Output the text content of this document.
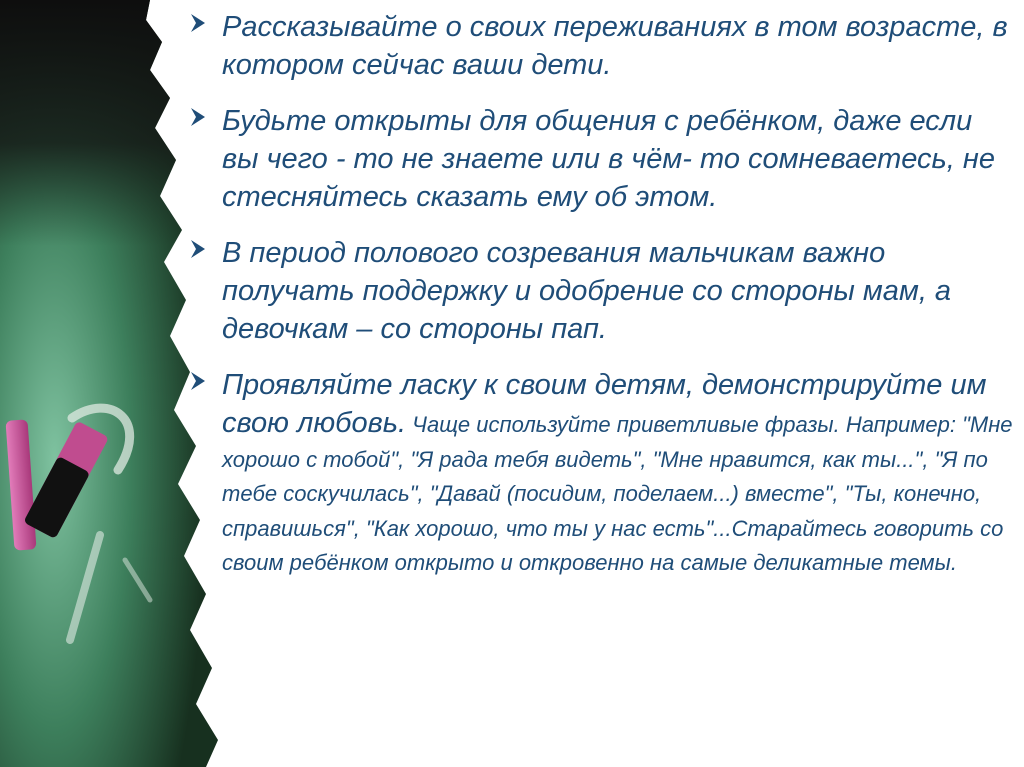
Рассказывайте о своих переживаниях в том возрасте, в котором сейчас ваши дети.
Будьте открыты для общения с ребёнком, даже если вы чего - то не знаете или в чём- то сомневаетесь, не стесняйтесь сказать ему об этом.
В период полового созревания мальчикам важно получать поддержку и одобрение со стороны мам, а девочкам – со стороны пап.
Проявляйте ласку к своим детям, демонстрируйте им свою любовь. Чаще используйте приветливые фразы. Например: "Мне хорошо с тобой", "Я рада тебя видеть", "Мне нравится, как ты...", "Я по тебе соскучилась", "Давай (посидим, поделаем...) вместе", "Ты, конечно, справишься", "Как хорошо, что ты у нас есть"...Старайтесь говорить со своим ребёнком открыто и откровенно на самые деликатные темы.
